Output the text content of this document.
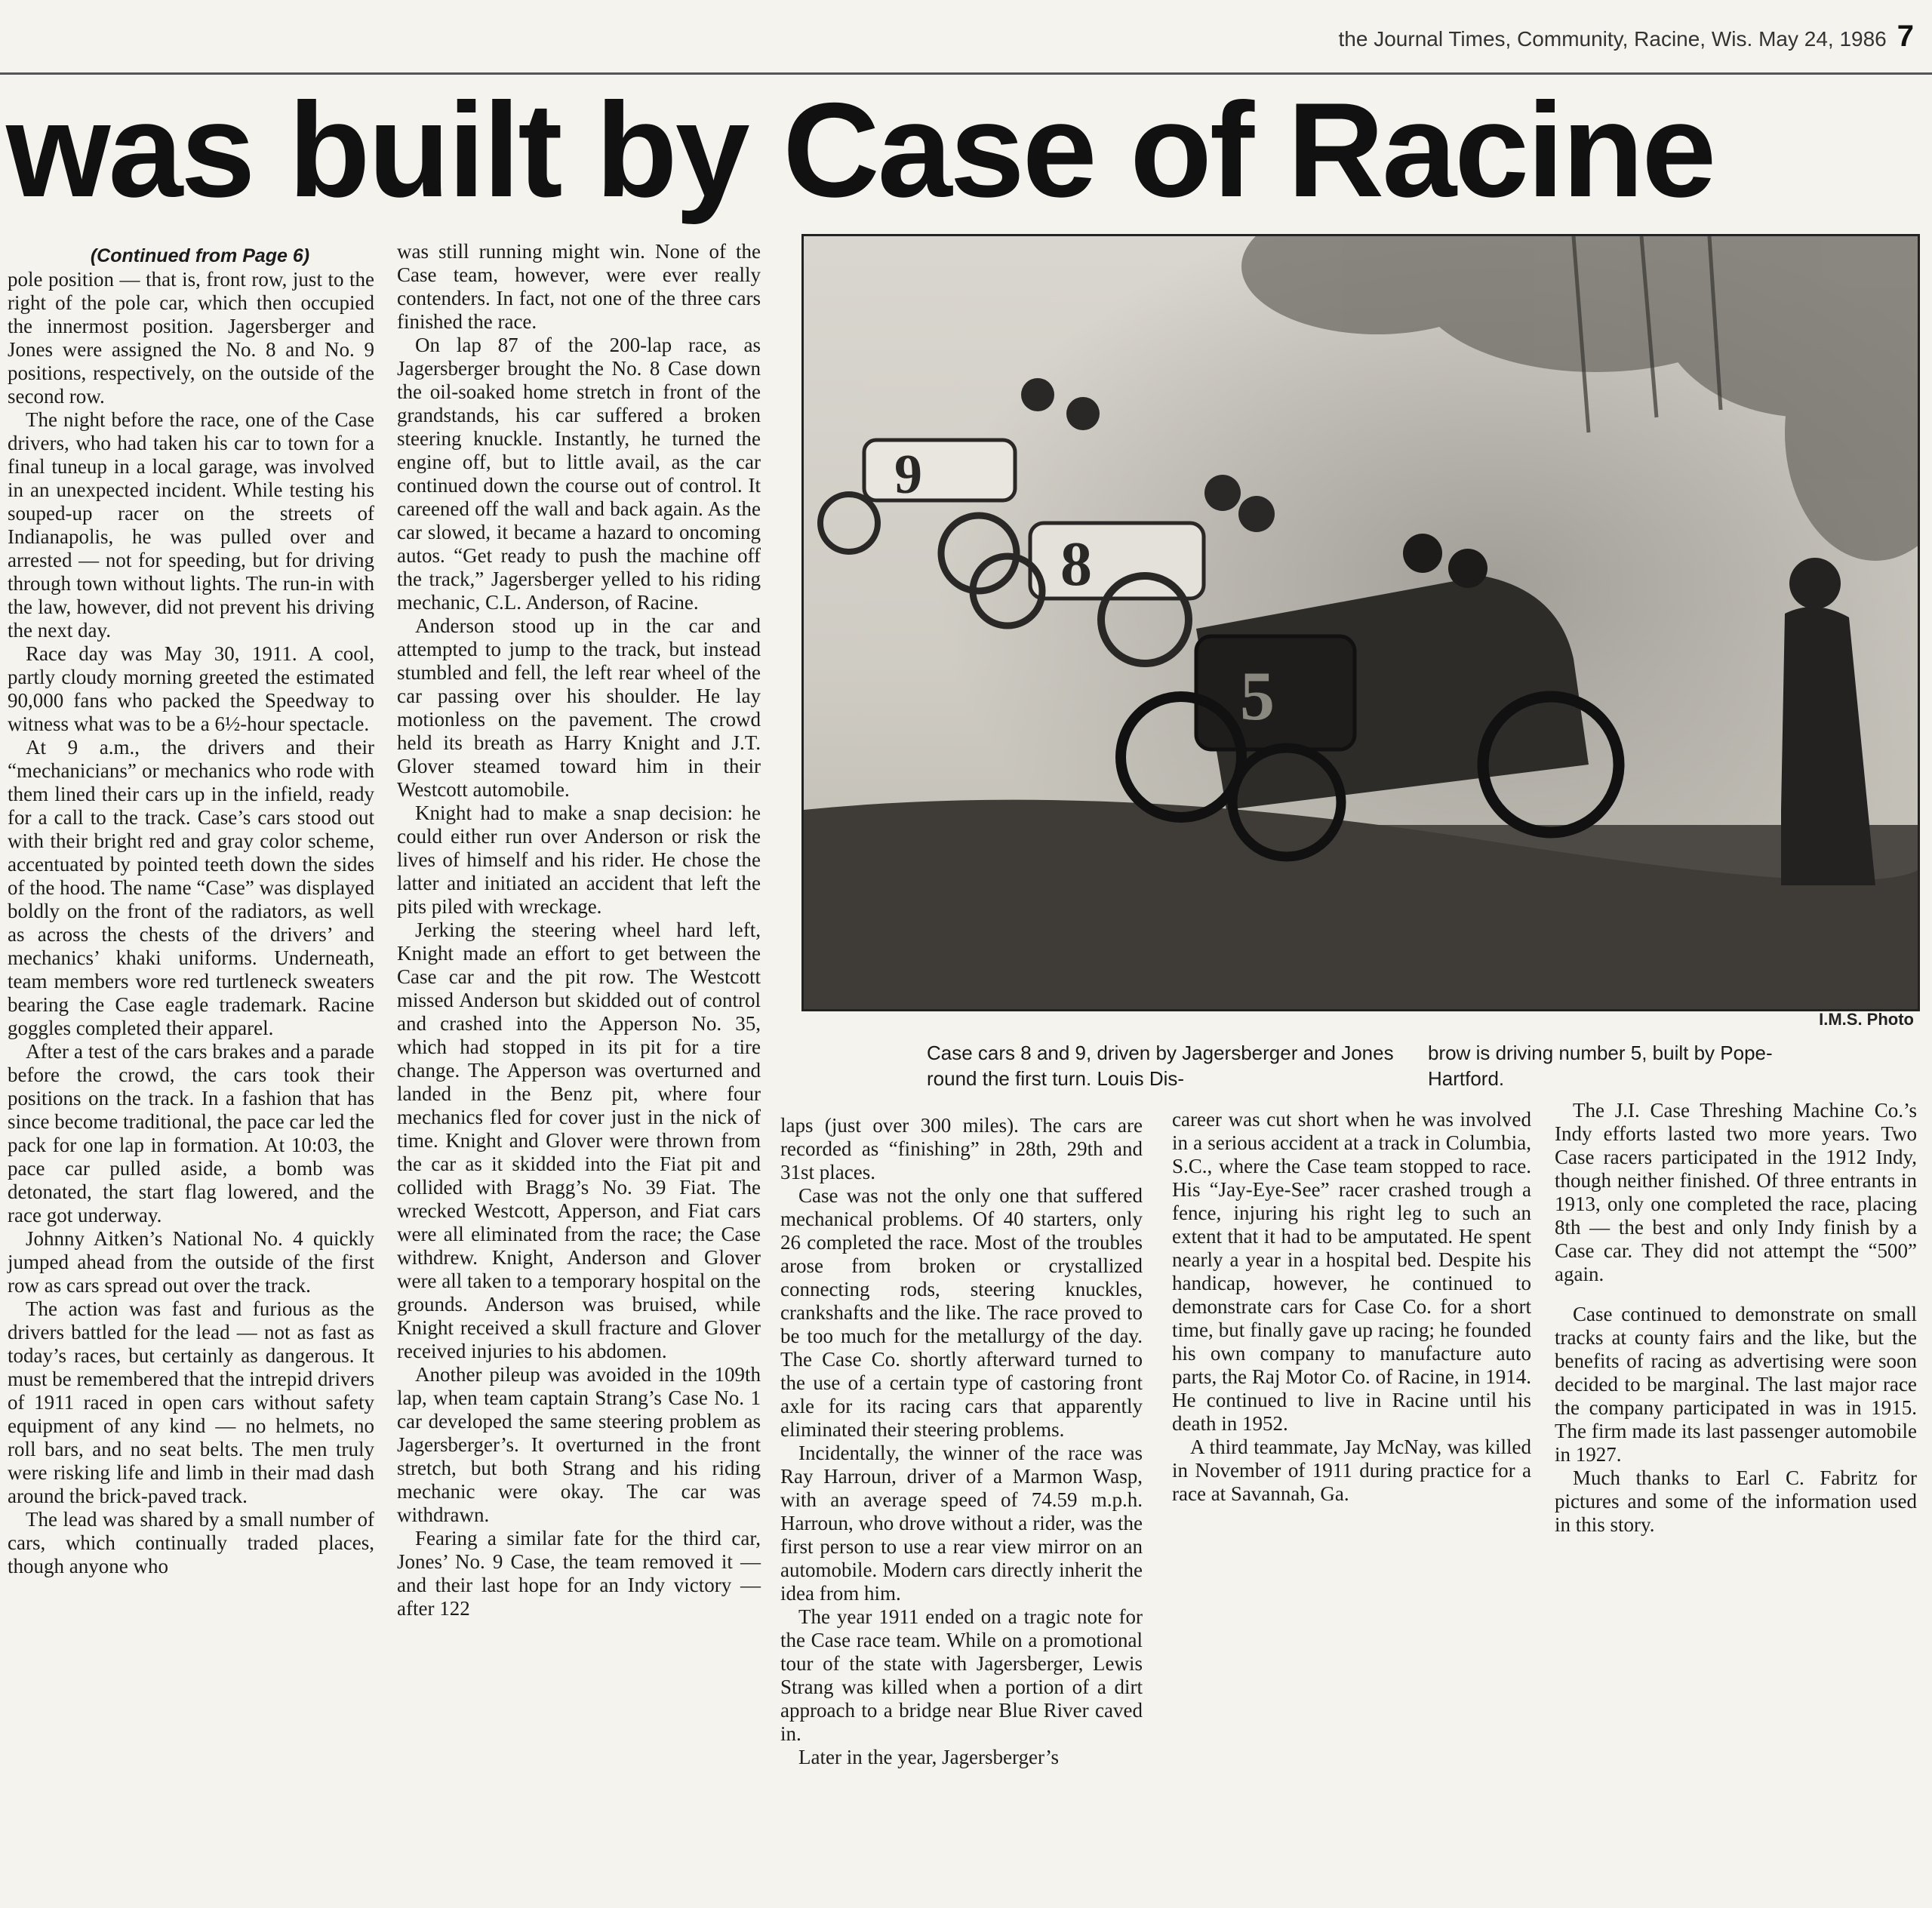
the Journal Times, Community, Racine, Wis. May 24, 1986 7
was built by Case of Racine

(Continued from Page 6)

pole position — that is, front row, just to the right of the pole car, which then occupied the innermost position. Jagersberger and Jones were assigned the No. 8 and No. 9 positions, respectively, on the outside of the second row.

The night before the race, one of the Case drivers, who had taken his car to town for a final tuneup in a local garage, was involved in an unexpected incident. While testing his souped-up racer on the streets of Indianapolis, he was pulled over and arrested — not for speeding, but for driving through town without lights. The run-in with the law, however, did not prevent his driving the next day.

Race day was May 30, 1911. A cool, partly cloudy morning greeted the estimated 90,000 fans who packed the Speedway to witness what was to be a 6½-hour spectacle.

At 9 a.m., the drivers and their “mechanicians” or mechanics who rode with them lined their cars up in the infield, ready for a call to the track. Case’s cars stood out with their bright red and gray color scheme, accentuated by pointed teeth down the sides of the hood. The name “Case” was displayed boldly on the front of the radiators, as well as across the chests of the drivers’ and mechanics’ khaki uniforms. Underneath, team members wore red turtleneck sweaters bearing the Case eagle trademark. Racine goggles completed their apparel.

After a test of the cars brakes and a parade before the crowd, the cars took their positions on the track. In a fashion that has since become traditional, the pace car led the pack for one lap in formation. At 10:03, the pace car pulled aside, a bomb was detonated, the start flag lowered, and the race got underway.

Johnny Aitken’s National No. 4 quickly jumped ahead from the outside of the first row as cars spread out over the track.

The action was fast and furious as the drivers battled for the lead — not as fast as today’s races, but certainly as dangerous. It must be remembered that the intrepid drivers of 1911 raced in open cars without safety equipment of any kind — no helmets, no roll bars, and no seat belts. The men truly were risking life and limb in their mad dash around the brick-paved track.

The lead was shared by a small number of cars, which continually traded places, though anyone who

was still running might win. None of the Case team, however, were ever really contenders. In fact, not one of the three cars finished the race.

On lap 87 of the 200-lap race, as Jagersberger brought the No. 8 Case down the oil-soaked home stretch in front of the grandstands, his car suffered a broken steering knuckle. Instantly, he turned the engine off, but to little avail, as the car continued down the course out of control. It careened off the wall and back again. As the car slowed, it became a hazard to oncoming autos. “Get ready to push the machine off the track,” Jagersberger yelled to his riding mechanic, C.L. Anderson, of Racine.

Anderson stood up in the car and attempted to jump to the track, but instead stumbled and fell, the left rear wheel of the car passing over his shoulder. He lay motionless on the pavement. The crowd held its breath as Harry Knight and J.T. Glover steamed toward him in their Westcott automobile.

Knight had to make a snap decision: he could either run over Anderson or risk the lives of himself and his rider. He chose the latter and initiated an accident that left the pits piled with wreckage.

Jerking the steering wheel hard left, Knight made an effort to get between the Case car and the pit row. The Westcott missed Anderson but skidded out of control and crashed into the Apperson No. 35, which had stopped in its pit for a tire change. The Apperson was overturned and landed in the Benz pit, where four mechanics fled for cover just in the nick of time. Knight and Glover were thrown from the car as it skidded into the Fiat pit and collided with Bragg’s No. 39 Fiat. The wrecked Westcott, Apperson, and Fiat cars were all eliminated from the race; the Case withdrew. Knight, Anderson and Glover were all taken to a temporary hospital on the grounds. Anderson was bruised, while Knight received a skull fracture and Glover received injuries to his abdomen.

Another pileup was avoided in the 109th lap, when team captain Strang’s Case No. 1 car developed the same steering problem as Jagersberger’s. It overturned in the front stretch, but both Strang and his riding mechanic were okay. The car was withdrawn.

Fearing a similar fate for the third car, Jones’ No. 9 Case, the team removed it — and their last hope for an Indy victory — after 122

9
8
5
I.M.S. Photo
Case cars 8 and 9, driven by Jagersberger and Jones round the first turn. Louis Dis-
brow is driving number 5, built by Pope-Hartford.

laps (just over 300 miles). The cars are recorded as “finishing” in 28th, 29th and 31st places.

Case was not the only one that suffered mechanical problems. Of 40 starters, only 26 completed the race. Most of the troubles arose from broken or crystallized connecting rods, steering knuckles, crankshafts and the like. The race proved to be too much for the metallurgy of the day. The Case Co. shortly afterward turned to the use of a certain type of castoring front axle for its racing cars that apparently eliminated their steering problems.

Incidentally, the winner of the race was Ray Harroun, driver of a Marmon Wasp, with an average speed of 74.59 m.p.h. Harroun, who drove without a rider, was the first person to use a rear view mirror on an automobile. Modern cars directly inherit the idea from him.

The year 1911 ended on a tragic note for the Case race team. While on a promotional tour of the state with Jagersberger, Lewis Strang was killed when a portion of a dirt approach to a bridge near Blue River caved in.

Later in the year, Jagersberger’s

career was cut short when he was involved in a serious accident at a track in Columbia, S.C., where the Case team stopped to race. His “Jay-Eye-See” racer crashed trough a fence, injuring his right leg to such an extent that it had to be amputated. He spent nearly a year in a hospital bed. Despite his handicap, however, he continued to demonstrate cars for Case Co. for a short time, but finally gave up racing; he founded his own company to manufacture auto parts, the Raj Motor Co. of Racine, in 1914. He continued to live in Racine until his death in 1952.

A third teammate, Jay McNay, was killed in November of 1911 during practice for a race at Savannah, Ga.

The J.I. Case Threshing Machine Co.’s Indy efforts lasted two more years. Two Case racers participated in the 1912 Indy, though neither finished. Of three entrants in 1913, only one completed the race, placing 8th — the best and only Indy finish by a Case car. They did not attempt the “500” again.

Case continued to demonstrate on small tracks at county fairs and the like, but the benefits of racing as advertising were soon decided to be marginal. The last major race the company participated in was in 1915. The firm made its last passenger automobile in 1927.

Much thanks to Earl C. Fabritz for pictures and some of the information used in this story.
